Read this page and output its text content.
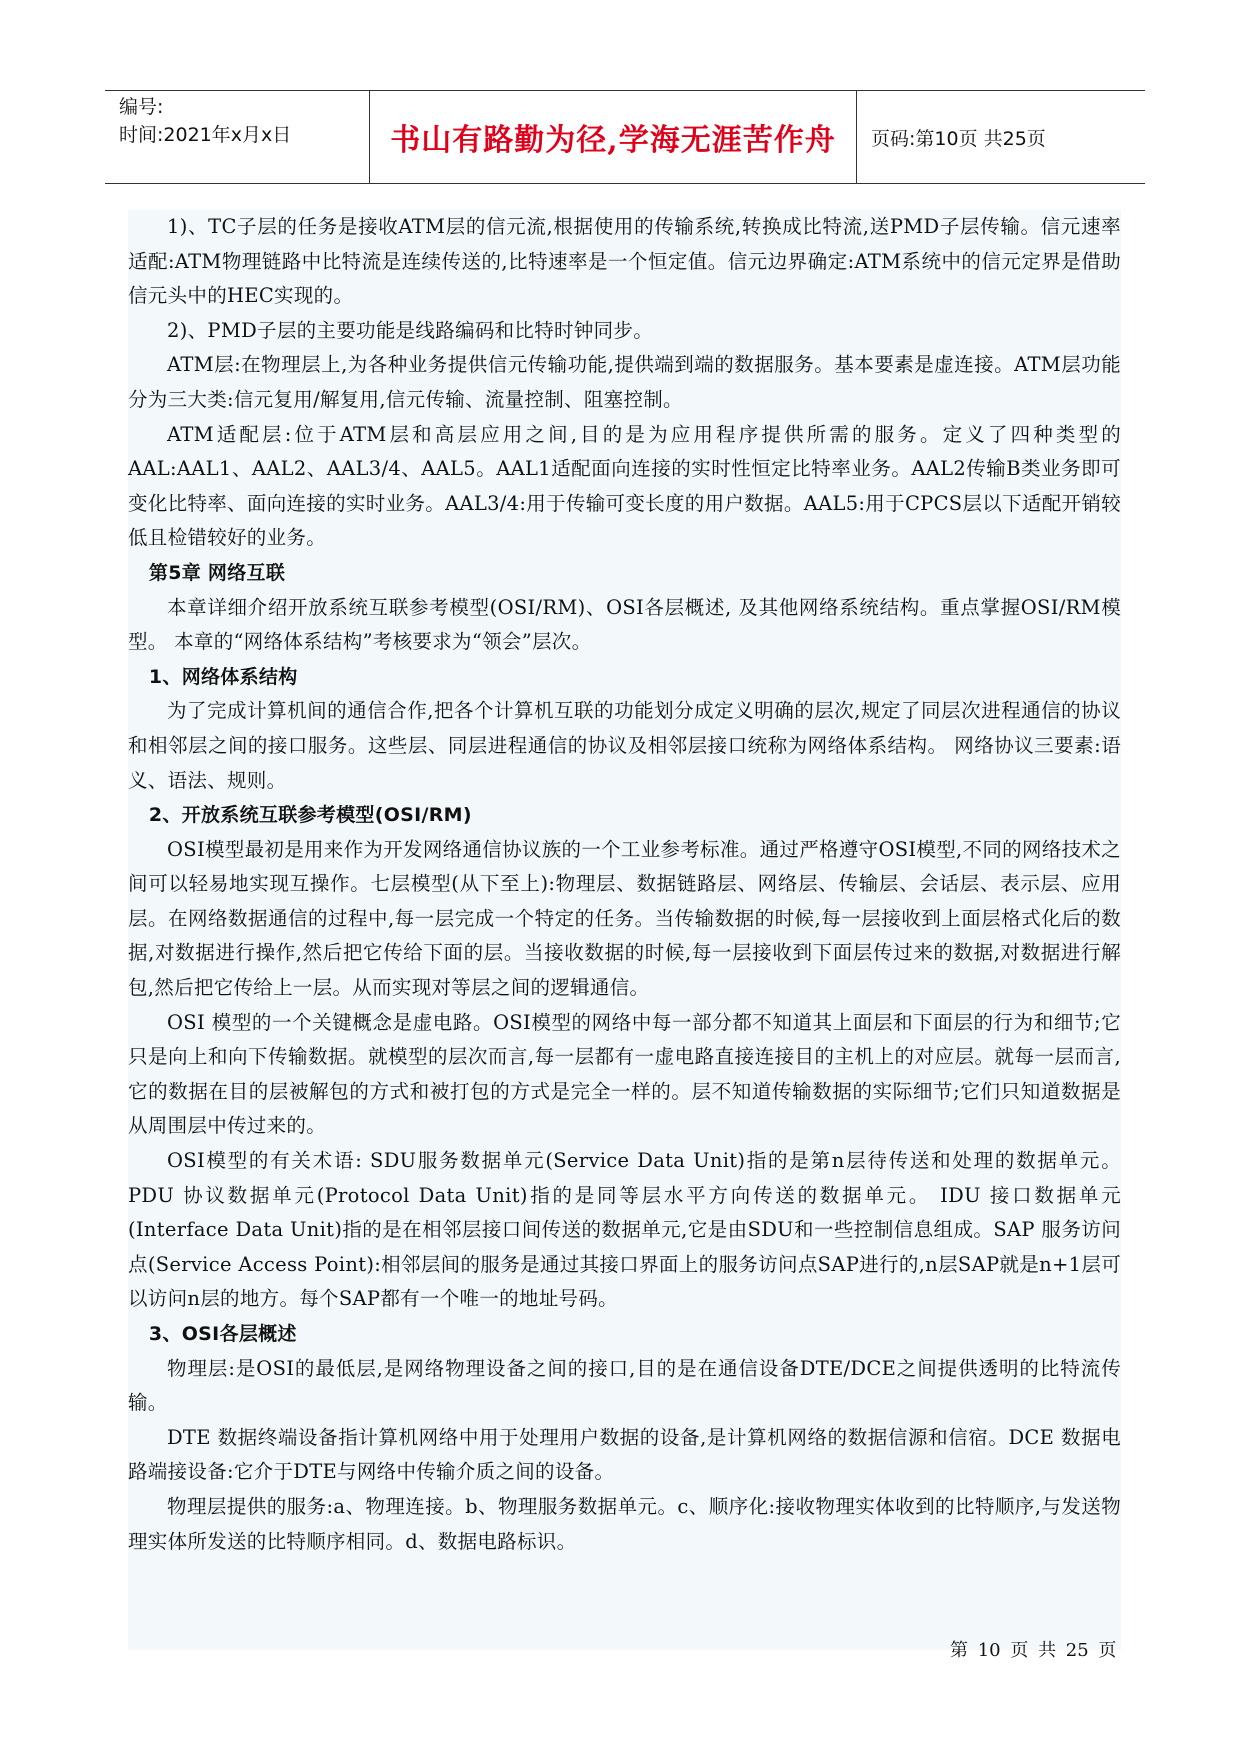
编号:
时间:2021年x月x日	书山有路勤为径,学海无涯苦作舟	页码:第10页 共25页

1)、TC子层的任务是接收ATM层的信元流,根据使用的传输系统,转换成比特流,送PMD子层传输。信元速率适配:ATM物理链路中比特流是连续传送的,比特速率是一个恒定值。信元边界确定:ATM系统中的信元定界是借助信元头中的HEC实现的。

2)、PMD子层的主要功能是线路编码和比特时钟同步。

ATM层:在物理层上,为各种业务提供信元传输功能,提供端到端的数据服务。基本要素是虚连接。ATM层功能分为三大类:信元复用/解复用,信元传输、流量控制、阻塞控制。

ATM适配层:位于ATM层和高层应用之间,目的是为应用程序提供所需的服务。定义了四种类型的AAL:AAL1、AAL2、AAL3/4、AAL5。AAL1适配面向连接的实时性恒定比特率业务。AAL2传输B类业务即可变化比特率、面向连接的实时业务。AAL3/4:用于传输可变长度的用户数据。AAL5:用于CPCS层以下适配开销较低且检错较好的业务。

第5章 网络互联

本章详细介绍开放系统互联参考模型(OSI/RM)、OSI各层概述, 及其他网络系统结构。重点掌握OSI/RM模型。 本章的“网络体系结构”考核要求为“领会”层次。

1、网络体系结构

为了完成计算机间的通信合作,把各个计算机互联的功能划分成定义明确的层次,规定了同层次进程通信的协议和相邻层之间的接口服务。这些层、同层进程通信的协议及相邻层接口统称为网络体系结构。 网络协议三要素:语义、语法、规则。

2、开放系统互联参考模型(OSI/RM)

OSI模型最初是用来作为开发网络通信协议族的一个工业参考标准。通过严格遵守OSI模型,不同的网络技术之间可以轻易地实现互操作。七层模型(从下至上):物理层、数据链路层、网络层、传输层、会话层、表示层、应用层。在网络数据通信的过程中,每一层完成一个特定的任务。当传输数据的时候,每一层接收到上面层格式化后的数据,对数据进行操作,然后把它传给下面的层。当接收数据的时候,每一层接收到下面层传过来的数据,对数据进行解包,然后把它传给上一层。从而实现对等层之间的逻辑通信。

OSI 模型的一个关键概念是虚电路。OSI模型的网络中每一部分都不知道其上面层和下面层的行为和细节;它只是向上和向下传输数据。就模型的层次而言,每一层都有一虚电路直接连接目的主机上的对应层。就每一层而言,它的数据在目的层被解包的方式和被打包的方式是完全一样的。层不知道传输数据的实际细节;它们只知道数据是从周围层中传过来的。

OSI模型的有关术语: SDU服务数据单元(Service Data Unit)指的是第n层待传送和处理的数据单元。 PDU 协议数据单元(Protocol Data Unit)指的是同等层水平方向传送的数据单元。 IDU 接口数据单元(Interface Data Unit)指的是在相邻层接口间传送的数据单元,它是由SDU和一些控制信息组成。SAP 服务访问点(Service Access Point):相邻层间的服务是通过其接口界面上的服务访问点SAP进行的,n层SAP就是n+1层可以访问n层的地方。每个SAP都有一个唯一的地址号码。

3、OSI各层概述

物理层:是OSI的最低层,是网络物理设备之间的接口,目的是在通信设备DTE/DCE之间提供透明的比特流传输。

DTE 数据终端设备指计算机网络中用于处理用户数据的设备,是计算机网络的数据信源和信宿。DCE 数据电路端接设备:它介于DTE与网络中传输介质之间的设备。

物理层提供的服务:a、物理连接。b、物理服务数据单元。c、顺序化:接收物理实体收到的比特顺序,与发送物理实体所发送的比特顺序相同。d、数据电路标识。

第 10 页 共 25 页
